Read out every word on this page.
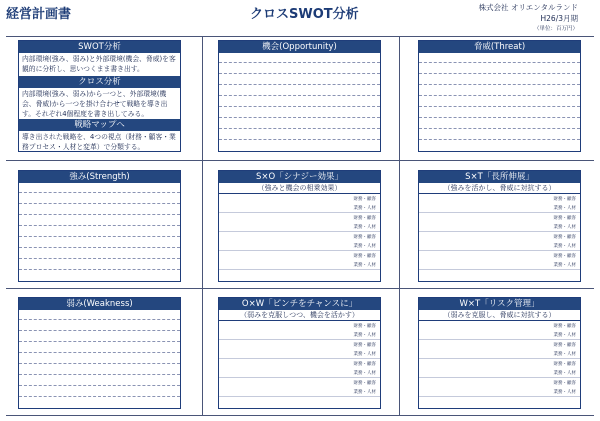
経営計画書	クロスSWOT分析	株式会社 オリエンタルランド
H26/3月期
（単位：百万円）
SWOT分析
内部環境(強み、弱み)と外部環境(機会、脅威)を客観的に分析し、思いつくまま書き出す。
クロス分析
内部環境(強み、弱み)から一つと、外部環境(機会、脅威)から一つを掛け合わせて戦略を導き出す。それぞれ4個程度を書き出してみる。
戦略マップへ
導き出された戦略を、4つの視点（財務・顧客・業務プロセス・人材と変革）で分類する。
機会(Opportunity)	脅威(Threat)
強み(Strength)	S×O「シナジー効果」
（強みと機会の相乗効果）
財務・顧客
業務・人材
財務・顧客
業務・人材
財務・顧客
業務・人材
財務・顧客
業務・人材
S×T「長所伸展」
（強みを活かし、脅威に対抗する）
財務・顧客
業務・人材
財務・顧客
業務・人材
財務・顧客
業務・人材
財務・顧客
業務・人材
弱み(Weakness)	O×W「ピンチをチャンスに」
（弱みを克服しつつ、機会を活かす）
財務・顧客
業務・人材
財務・顧客
業務・人材
財務・顧客
業務・人材
財務・顧客
業務・人材
W×T「リスク管理」
（弱みを克服し、脅威に対抗する）
財務・顧客
業務・人材
財務・顧客
業務・人材
財務・顧客
業務・人材
財務・顧客
業務・人材
